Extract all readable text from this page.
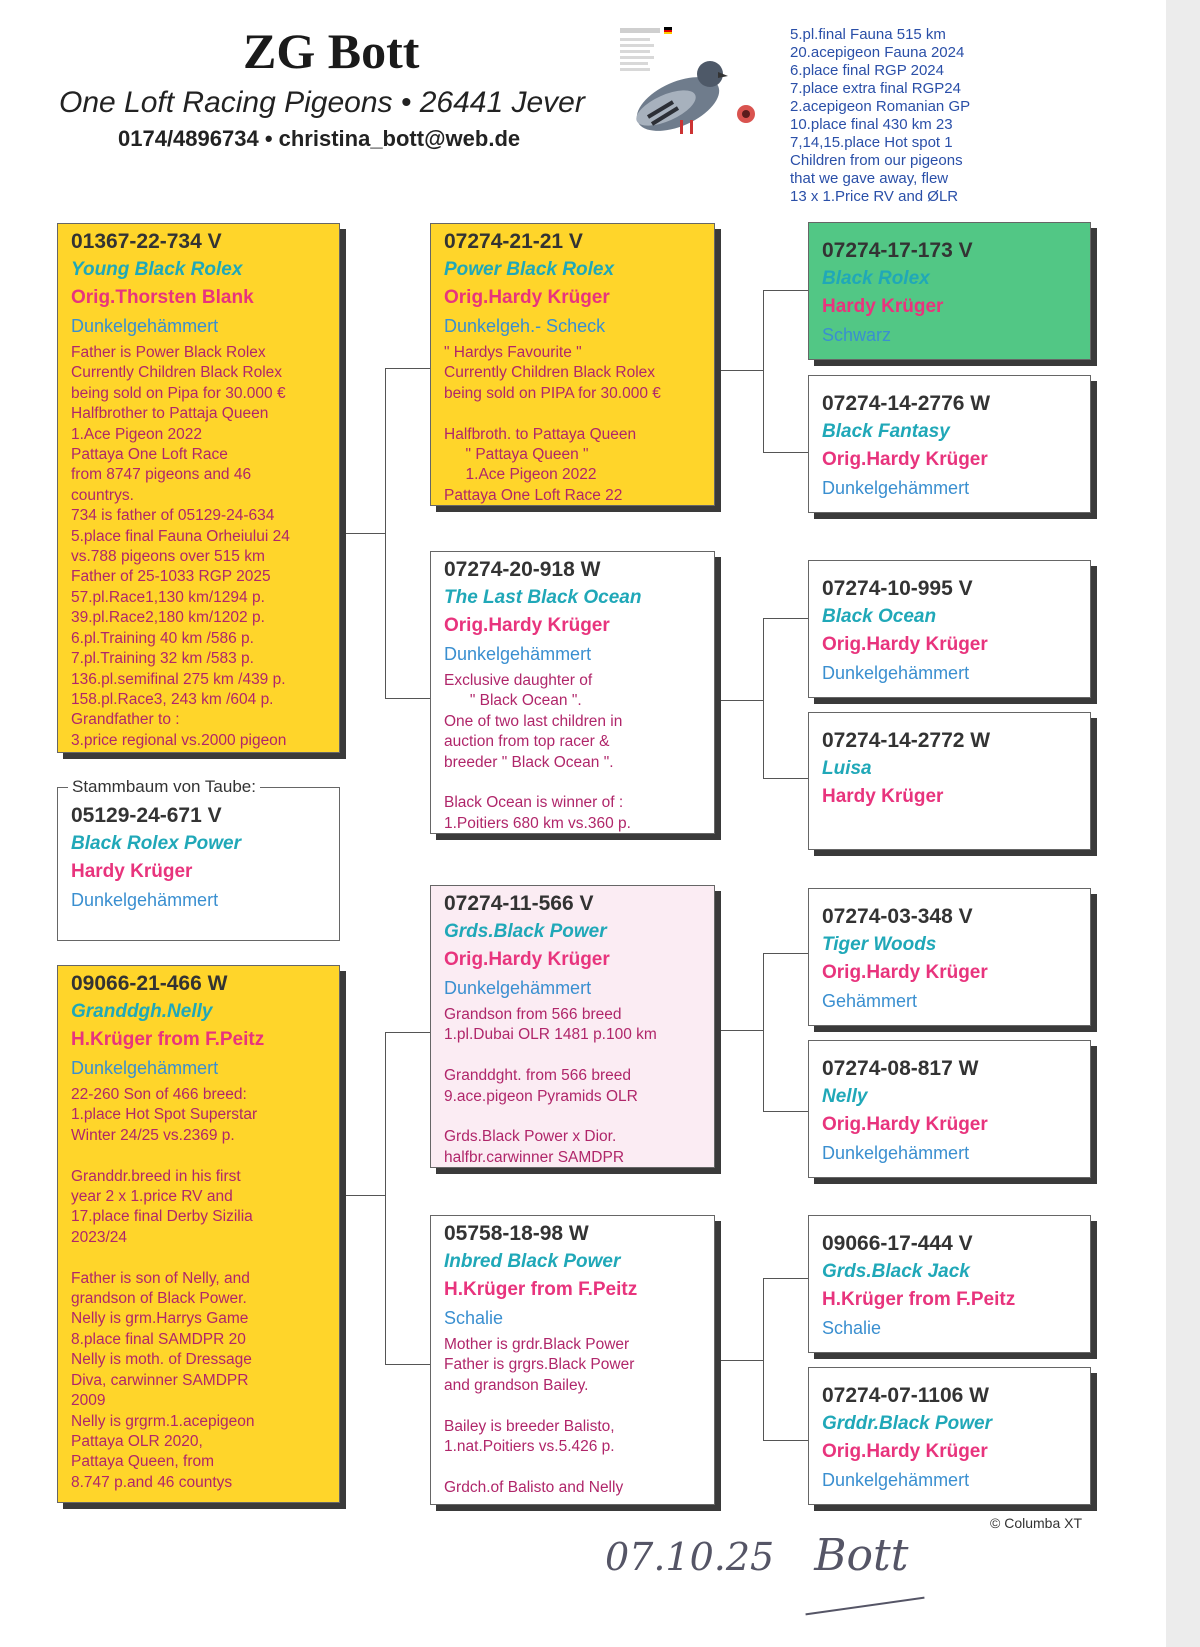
ZG Bott
One Loft Racing Pigeons • 26441 Jever
0174/4896734 • christina_bott@web.de
5.pl.final Fauna 515 km
20.acepigeon Fauna 2024
6.place final RGP 2024
7.place extra final RGP24
2.acepigeon Romanian GP
10.place final 430 km 23
7,14,15.place Hot spot 1
Children from our pigeons
that we gave away, flew
13 x 1.Price RV and ØLR
01367-22-734 V
Young Black Rolex
Orig.Thorsten Blank
Dunkelgehämmert
Father is Power Black Rolex
Currently Children Black Rolex
being sold on Pipa for 30.000 €
Halfbrother to Pattaja Queen
1.Ace Pigeon 2022
Pattaya One Loft Race
from 8747 pigeons and 46
countrys.
734 is father of 05129-24-634
5.place final Fauna Orheiului 24
vs.788 pigeons over 515 km
Father of 25-1033 RGP 2025
57.pl.Race1,130 km/1294 p.
39.pl.Race2,180 km/1202 p.
6.pl.Training 40 km /586 p.
7.pl.Training 32 km /583 p.
136.pl.semifinal 275 km /439 p.
158.pl.Race3, 243 km /604 p.
Grandfather to :
3.price regional vs.2000 pigeon
05129-24-671 V
Black Rolex Power
Hardy Krüger
Dunkelgehämmert
Stammbaum von Taube:
09066-21-466 W
Granddgh.Nelly
H.Krüger from F.Peitz
Dunkelgehämmert
22-260 Son of 466 breed:
1.place Hot Spot Superstar
Winter 24/25 vs.2369 p.

Granddr.breed in his first
year 2 x 1.price RV and
17.place final Derby Sizilia
2023/24

Father is son of Nelly, and
grandson of Black Power.
Nelly is grm.Harrys Game
8.place final SAMDPR 20
Nelly is moth. of Dressage
Diva, carwinner SAMDPR
2009
Nelly is grgrm.1.acepigeon
Pattaya OLR 2020,
Pattaya Queen, from
8.747 p.and 46 countys
07274-21-21 V
Power Black Rolex
Orig.Hardy Krüger
Dunkelgeh.- Scheck
" Hardys Favourite "
Currently Children Black Rolex
being sold on PIPA for 30.000 €

Halfbroth. to Pattaya Queen
" Pattaya Queen "
1.Ace Pigeon 2022
Pattaya One Loft Race 22
07274-20-918 W
The Last Black Ocean
Orig.Hardy Krüger
Dunkelgehämmert
Exclusive daughter of
" Black Ocean ".
One of two last children in
auction from top racer &
breeder " Black Ocean ".

Black Ocean is winner of :
1.Poitiers 680 km vs.360 p.
07274-11-566 V
Grds.Black Power
Orig.Hardy Krüger
Dunkelgehämmert
Grandson from 566 breed
1.pl.Dubai OLR 1481 p.100 km

Granddght. from 566 breed
9.ace.pigeon Pyramids OLR

Grds.Black Power x Dior.
halfbr.carwinner SAMDPR
05758-18-98 W
Inbred Black Power
H.Krüger from F.Peitz
Schalie
Mother is grdr.Black Power
Father is grgrs.Black Power
and grandson Bailey.

Bailey is breeder Balisto,
1.nat.Poitiers vs.5.426 p.

Grdch.of Balisto and Nelly
07274-17-173 V
Black Rolex
Hardy Krüger
Schwarz
07274-14-2776 W
Black Fantasy
Orig.Hardy Krüger
Dunkelgehämmert
07274-10-995 V
Black Ocean
Orig.Hardy Krüger
Dunkelgehämmert
07274-14-2772 W
Luisa
Hardy Krüger
07274-03-348 V
Tiger Woods
Orig.Hardy Krüger
Gehämmert
07274-08-817 W
Nelly
Orig.Hardy Krüger
Dunkelgehämmert
09066-17-444 V
Grds.Black Jack
H.Krüger from F.Peitz
Schalie
07274-07-1106 W
Grddr.Black Power
Orig.Hardy Krüger
Dunkelgehämmert
© Columba XT
07.10.25 Bott
